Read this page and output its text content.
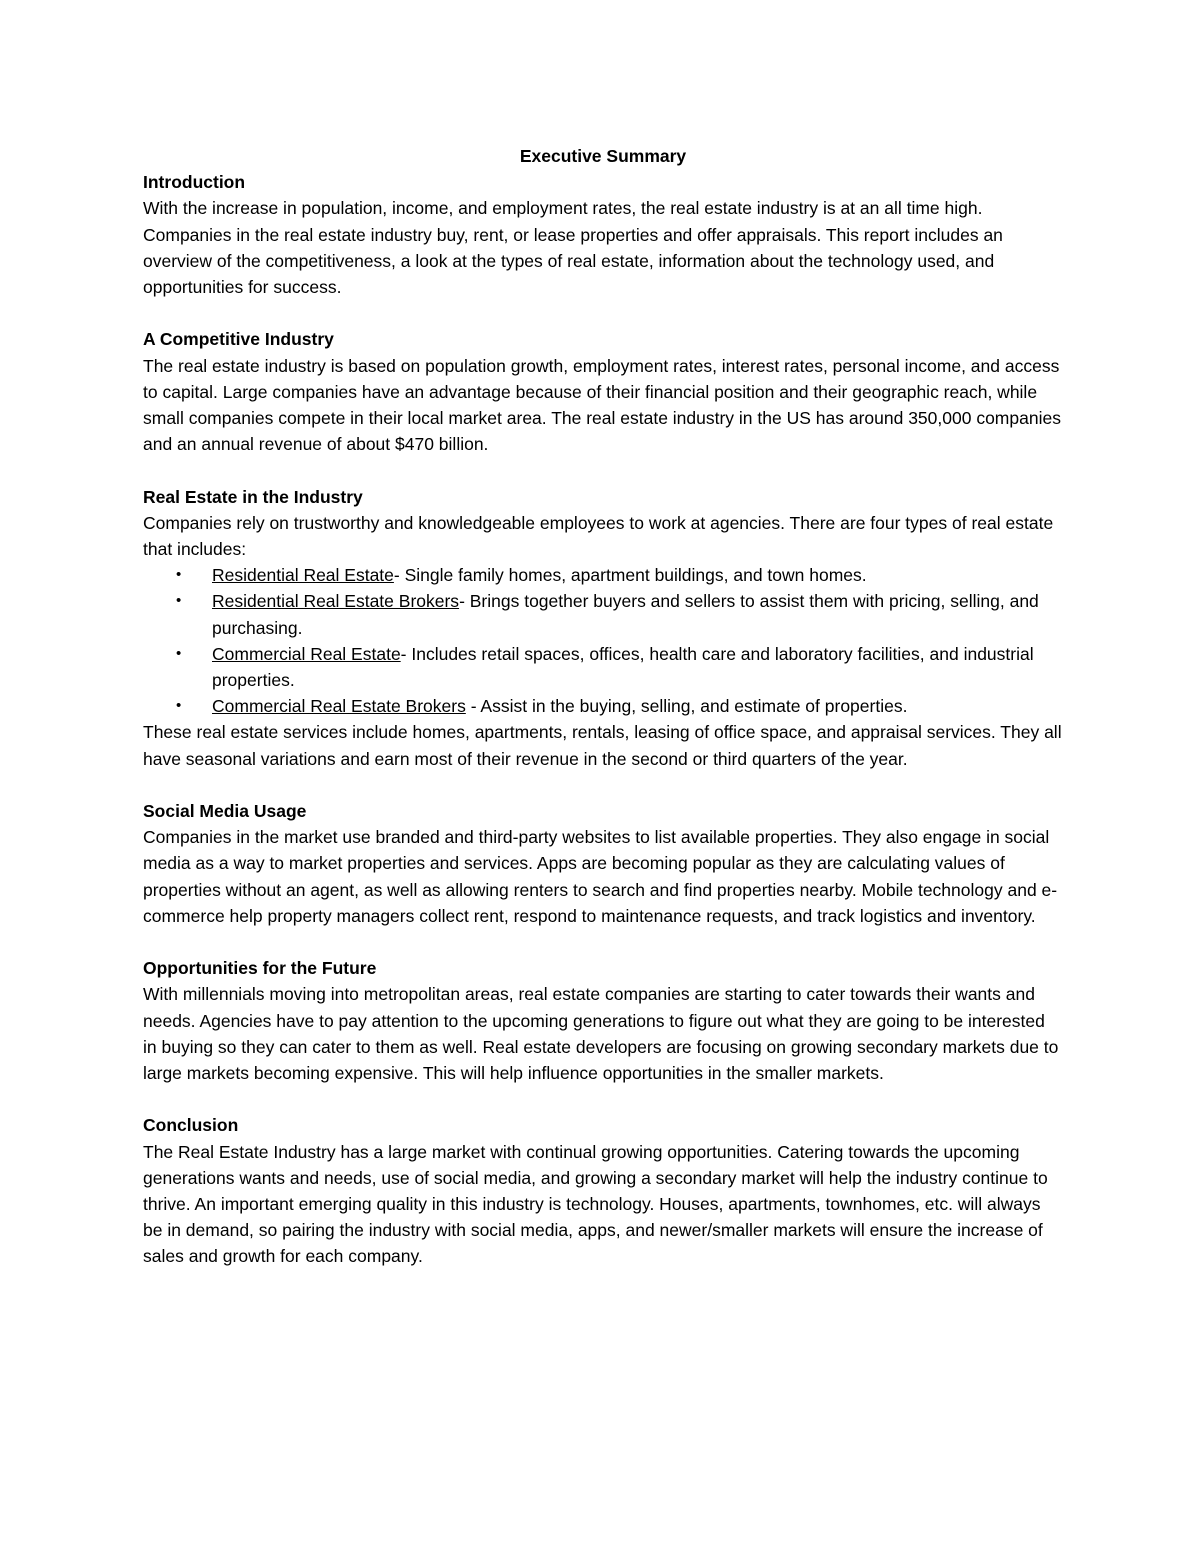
Executive Summary

Introduction

With the increase in population, income, and employment rates, the real estate industry is at an all time high. Companies in the real estate industry buy, rent, or lease properties and offer appraisals. This report includes an overview of the competitiveness, a look at the types of real estate, information about the technology used, and opportunities for success.

A Competitive Industry

The real estate industry is based on population growth, employment rates, interest rates, personal income, and access to capital. Large companies have an advantage because of their financial position and their geographic reach, while small companies compete in their local market area. The real estate industry in the US has around 350,000 companies and an annual revenue of about $470 billion.

Real Estate in the Industry

Companies rely on trustworthy and knowledgeable employees to work at agencies. There are four types of real estate that includes:

• Residential Real Estate- Single family homes, apartment buildings, and town homes.
• Residential Real Estate Brokers- Brings together buyers and sellers to assist them with pricing, selling, and purchasing.
• Commercial Real Estate- Includes retail spaces, offices, health care and laboratory facilities, and industrial properties.
• Commercial Real Estate Brokers - Assist in the buying, selling, and estimate of properties.

These real estate services include homes, apartments, rentals, leasing of office space, and appraisal services. They all have seasonal variations and earn most of their revenue in the second or third quarters of the year.

Social Media Usage

Companies in the market use branded and third-party websites to list available properties. They also engage in social media as a way to market properties and services. Apps are becoming popular as they are calculating values of properties without an agent, as well as allowing renters to search and find properties nearby. Mobile technology and e-commerce help property managers collect rent, respond to maintenance requests, and track logistics and inventory.

Opportunities for the Future

With millennials moving into metropolitan areas, real estate companies are starting to cater towards their wants and needs. Agencies have to pay attention to the upcoming generations to figure out what they are going to be interested in buying so they can cater to them as well. Real estate developers are focusing on growing secondary markets due to large markets becoming expensive. This will help influence opportunities in the smaller markets.

Conclusion

The Real Estate Industry has a large market with continual growing opportunities. Catering towards the upcoming generations wants and needs, use of social media, and growing a secondary market will help the industry continue to thrive. An important emerging quality in this industry is technology. Houses, apartments, townhomes, etc. will always be in demand, so pairing the industry with social media, apps, and newer/smaller markets will ensure the increase of sales and growth for each company.
